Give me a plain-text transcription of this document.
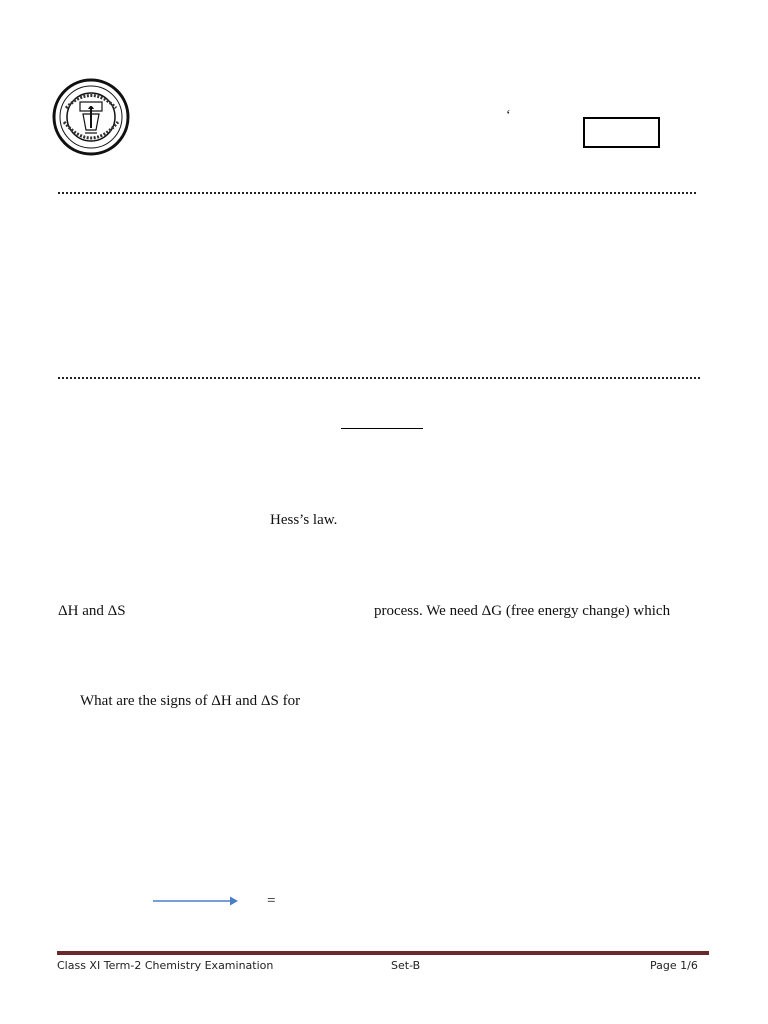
‘
Hess’s law.
ΔH and ΔS	process. We need ΔG (free energy change) which
What are the signs of ΔH and ΔS for
=
Class XI Term-2 Chemistry Examination	Set-B	Page 1/6
